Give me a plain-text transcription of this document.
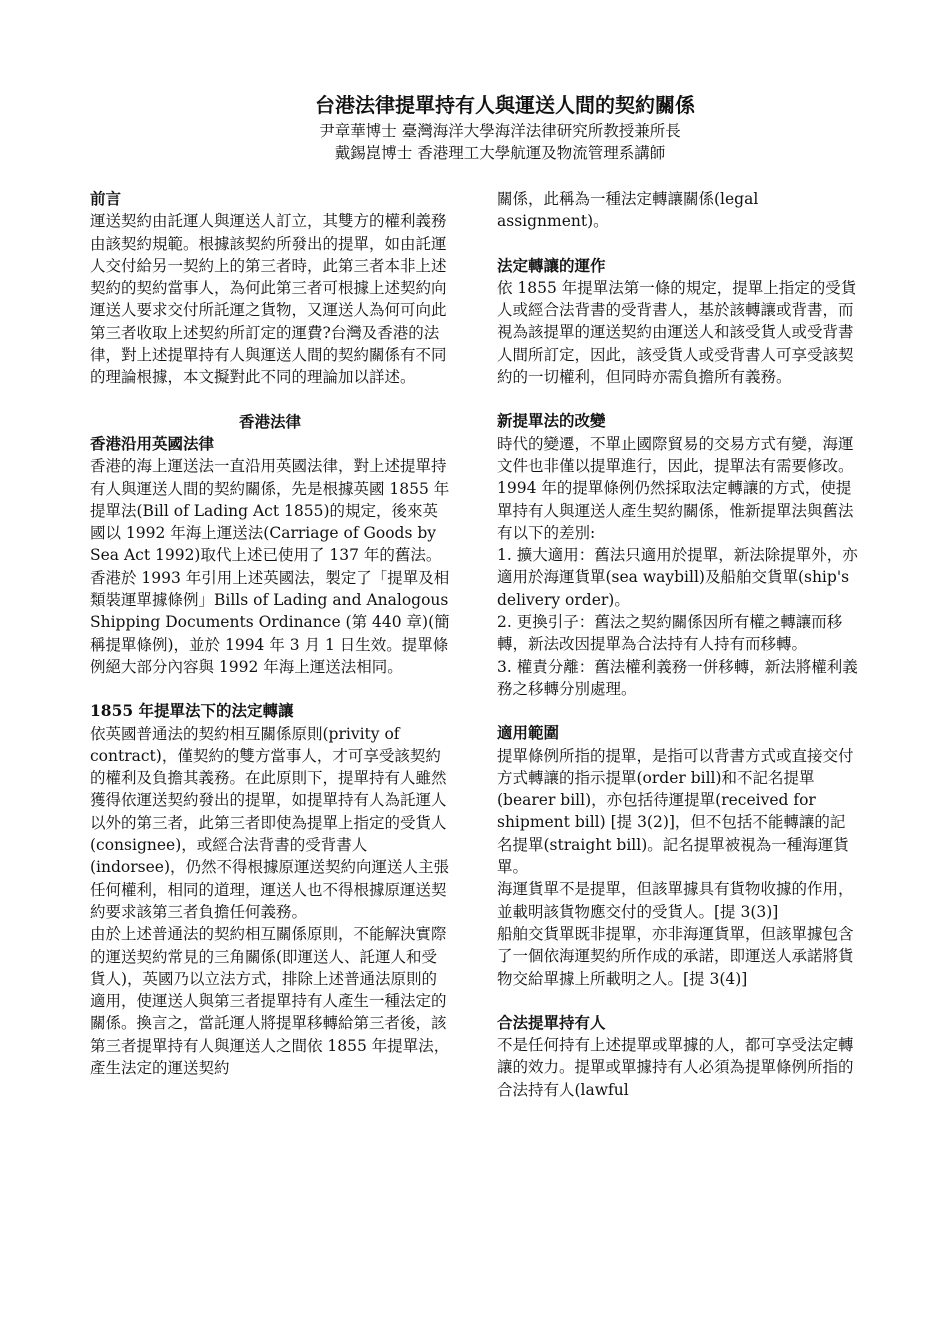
台港法律提單持有人與運送人間的契約關係
尹章華博士 臺灣海洋大學海洋法律研究所教授兼所長
戴錫崑博士 香港理工大學航運及物流管理系講師

前言

運送契約由託運人與運送人訂立，其雙方的權利義務由該契約規範。根據該契約所發出的提單，如由託運人交付給另一契約上的第三者時，此第三者本非上述契約的契約當事人，為何此第三者可根據上述契約向運送人要求交付所託運之貨物，又運送人為何可向此第三者收取上述契約所訂定的運費?台灣及香港的法律，對上述提單持有人與運送人間的契約關係有不同的理論根據，本文擬對此不同的理論加以詳述。

香港法律

香港沿用英國法律

香港的海上運送法一直沿用英國法律，對上述提單持有人與運送人間的契約關係，先是根據英國 1855 年提單法(Bill of Lading Act 1855)的規定，後來英國以 1992 年海上運送法(Carriage of Goods by Sea Act 1992)取代上述已使用了 137 年的舊法。

香港於 1993 年引用上述英國法，製定了「提單及相類裝運單據條例」Bills of Lading and Analogous Shipping Documents Ordinance (第 440 章)(簡稱提單條例)，並於 1994 年 3 月 1 日生效。提單條例絕大部分內容與 1992 年海上運送法相同。

1855 年提單法下的法定轉讓

依英國普通法的契約相互關係原則(privity of contract)，僅契約的雙方當事人，才可享受該契約的權利及負擔其義務。在此原則下，提單持有人雖然獲得依運送契約發出的提單，如提單持有人為託運人以外的第三者，此第三者即使為提單上指定的受貨人(consignee)，或經合法背書的受背書人(indorsee)，仍然不得根據原運送契約向運送人主張任何權利，相同的道理，運送人也不得根據原運送契約要求該第三者負擔任何義務。

由於上述普通法的契約相互關係原則，不能解決實際的運送契約常見的三角關係(即運送人、託運人和受貨人)，英國乃以立法方式，排除上述普通法原則的適用，使運送人與第三者提單持有人產生一種法定的關係。換言之，當託運人將提單移轉給第三者後，該第三者提單持有人與運送人之間依 1855 年提單法，產生法定的運送契約

關係，此稱為一種法定轉讓關係(legal assignment)。

法定轉讓的運作

依 1855 年提單法第一條的規定，提單上指定的受貨人或經合法背書的受背書人，基於該轉讓或背書，而視為該提單的運送契約由運送人和該受貨人或受背書人間所訂定，因此，該受貨人或受背書人可享受該契約的一切權利，但同時亦需負擔所有義務。

新提單法的改變

時代的變遷，不單止國際貿易的交易方式有變，海運文件也非僅以提單進行，因此，提單法有需要修改。

1994 年的提單條例仍然採取法定轉讓的方式，使提單持有人與運送人產生契約關係，惟新提單法與舊法有以下的差別:

1. 擴大適用：舊法只適用於提單，新法除提單外，亦適用於海運貨單(sea waybill)及船舶交貨單(ship's delivery order)。

2. 更換引子：舊法之契約關係因所有權之轉讓而移轉，新法改因提單為合法持有人持有而移轉。

3. 權責分離：舊法權利義務一併移轉，新法將權利義務之移轉分別處理。

適用範圍

提單條例所指的提單，是指可以背書方式或直接交付方式轉讓的指示提單(order bill)和不記名提單(bearer bill)，亦包括待運提單(received for shipment bill) [提 3(2)]，但不包括不能轉讓的記名提單(straight bill)。記名提單被視為一種海運貨單。

海運貨單不是提單，但該單據具有貨物收據的作用，並載明該貨物應交付的受貨人。[提 3(3)]

船舶交貨單既非提單，亦非海運貨單，但該單據包含了一個依海運契約所作成的承諾，即運送人承諾將貨物交給單據上所載明之人。[提 3(4)]

合法提單持有人

不是任何持有上述提單或單據的人，都可享受法定轉讓的效力。提單或單據持有人必須為提單條例所指的合法持有人(lawful
